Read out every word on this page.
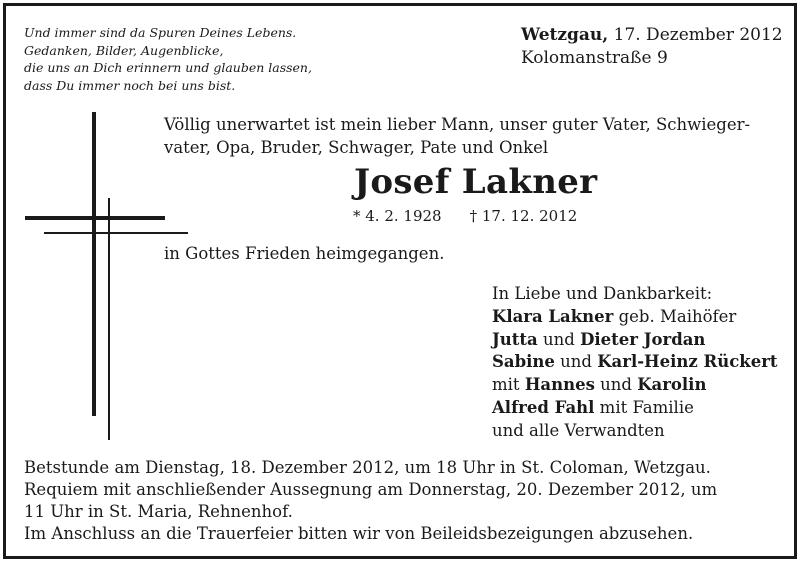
Und immer sind da Spuren Deines Lebens.
Gedanken, Bilder, Augenblicke,
die uns an Dich erinnern und glauben lassen,
dass Du immer noch bei uns bist.
Wetzgau, 17. Dezember 2012
Kolomanstraße 9
Völlig unerwartet ist mein lieber Mann, unser guter Vater, Schwieger-
vater, Opa, Bruder, Schwager, Pate und Onkel
Josef Lakner
* 4. 2. 1928 † 17. 12. 2012
in Gottes Frieden heimgegangen.
In Liebe und Dankbarkeit:
Klara Lakner geb. Maihöfer
Jutta und Dieter Jordan
Sabine und Karl-Heinz Rückert
mit Hannes und Karolin
Alfred Fahl mit Familie
und alle Verwandten
Betstunde am Dienstag, 18. Dezember 2012, um 18 Uhr in St. Coloman, Wetzgau.
Requiem mit anschließender Aussegnung am Donnerstag, 20. Dezember 2012, um
11 Uhr in St. Maria, Rehnenhof.
Im Anschluss an die Trauerfeier bitten wir von Beileidsbezeigungen abzusehen.
